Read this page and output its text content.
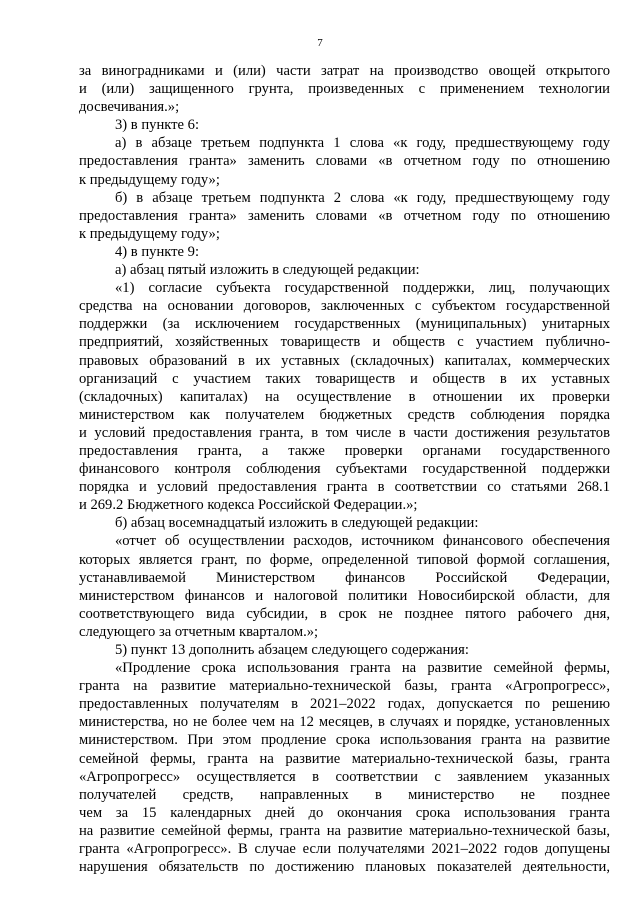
7
за виноградниками и (или) части затрат на производство овощей открытого
и (или) защищенного грунта, произведенных с применением технологии
досвечивания.»;
3) в пункте 6:
а) в абзаце третьем подпункта 1 слова «к году, предшествующему году
предоставления гранта» заменить словами «в отчетном году по отношению
к предыдущему году»;
б) в абзаце третьем подпункта 2 слова «к году, предшествующему году
предоставления гранта» заменить словами «в отчетном году по отношению
к предыдущему году»;
4) в пункте 9:
а) абзац пятый изложить в следующей редакции:
«1) согласие субъекта государственной поддержки, лиц, получающих
средства на основании договоров, заключенных с субъектом государственной
поддержки (за исключением государственных (муниципальных) унитарных
предприятий, хозяйственных товариществ и обществ с участием публично-
правовых образований в их уставных (складочных) капиталах, коммерческих
организаций с участием таких товариществ и обществ в их уставных
(складочных) капиталах) на осуществление в отношении их проверки
министерством как получателем бюджетных средств соблюдения порядка
и условий предоставления гранта, в том числе в части достижения результатов
предоставления гранта, а также проверки органами государственного
финансового контроля соблюдения субъектами государственной поддержки
порядка и условий предоставления гранта в соответствии со статьями 268.1
и 269.2 Бюджетного кодекса Российской Федерации.»;
б) абзац восемнадцатый изложить в следующей редакции:
«отчет об осуществлении расходов, источником финансового обеспечения
которых является грант, по форме, определенной типовой формой соглашения,
устанавливаемой Министерством финансов Российской Федерации,
министерством финансов и налоговой политики Новосибирской области, для
соответствующего вида субсидии, в срок не позднее пятого рабочего дня,
следующего за отчетным кварталом.»;
5) пункт 13 дополнить абзацем следующего содержания:
«Продление срока использования гранта на развитие семейной фермы,
гранта на развитие материально-технической базы, гранта «Агропрогресс»,
предоставленных получателям в 2021–2022 годах, допускается по решению
министерства, но не более чем на 12 месяцев, в случаях и порядке, установленных
министерством. При этом продление срока использования гранта на развитие
семейной фермы, гранта на развитие материально-технической базы, гранта
«Агропрогресс» осуществляется в соответствии с заявлением указанных
получателей средств, направленных в министерство не позднее
чем за 15 календарных дней до окончания срока использования гранта
на развитие семейной фермы, гранта на развитие материально-технической базы,
гранта «Агропрогресс». В случае если получателями 2021–2022 годов допущены
нарушения обязательств по достижению плановых показателей деятельности,
